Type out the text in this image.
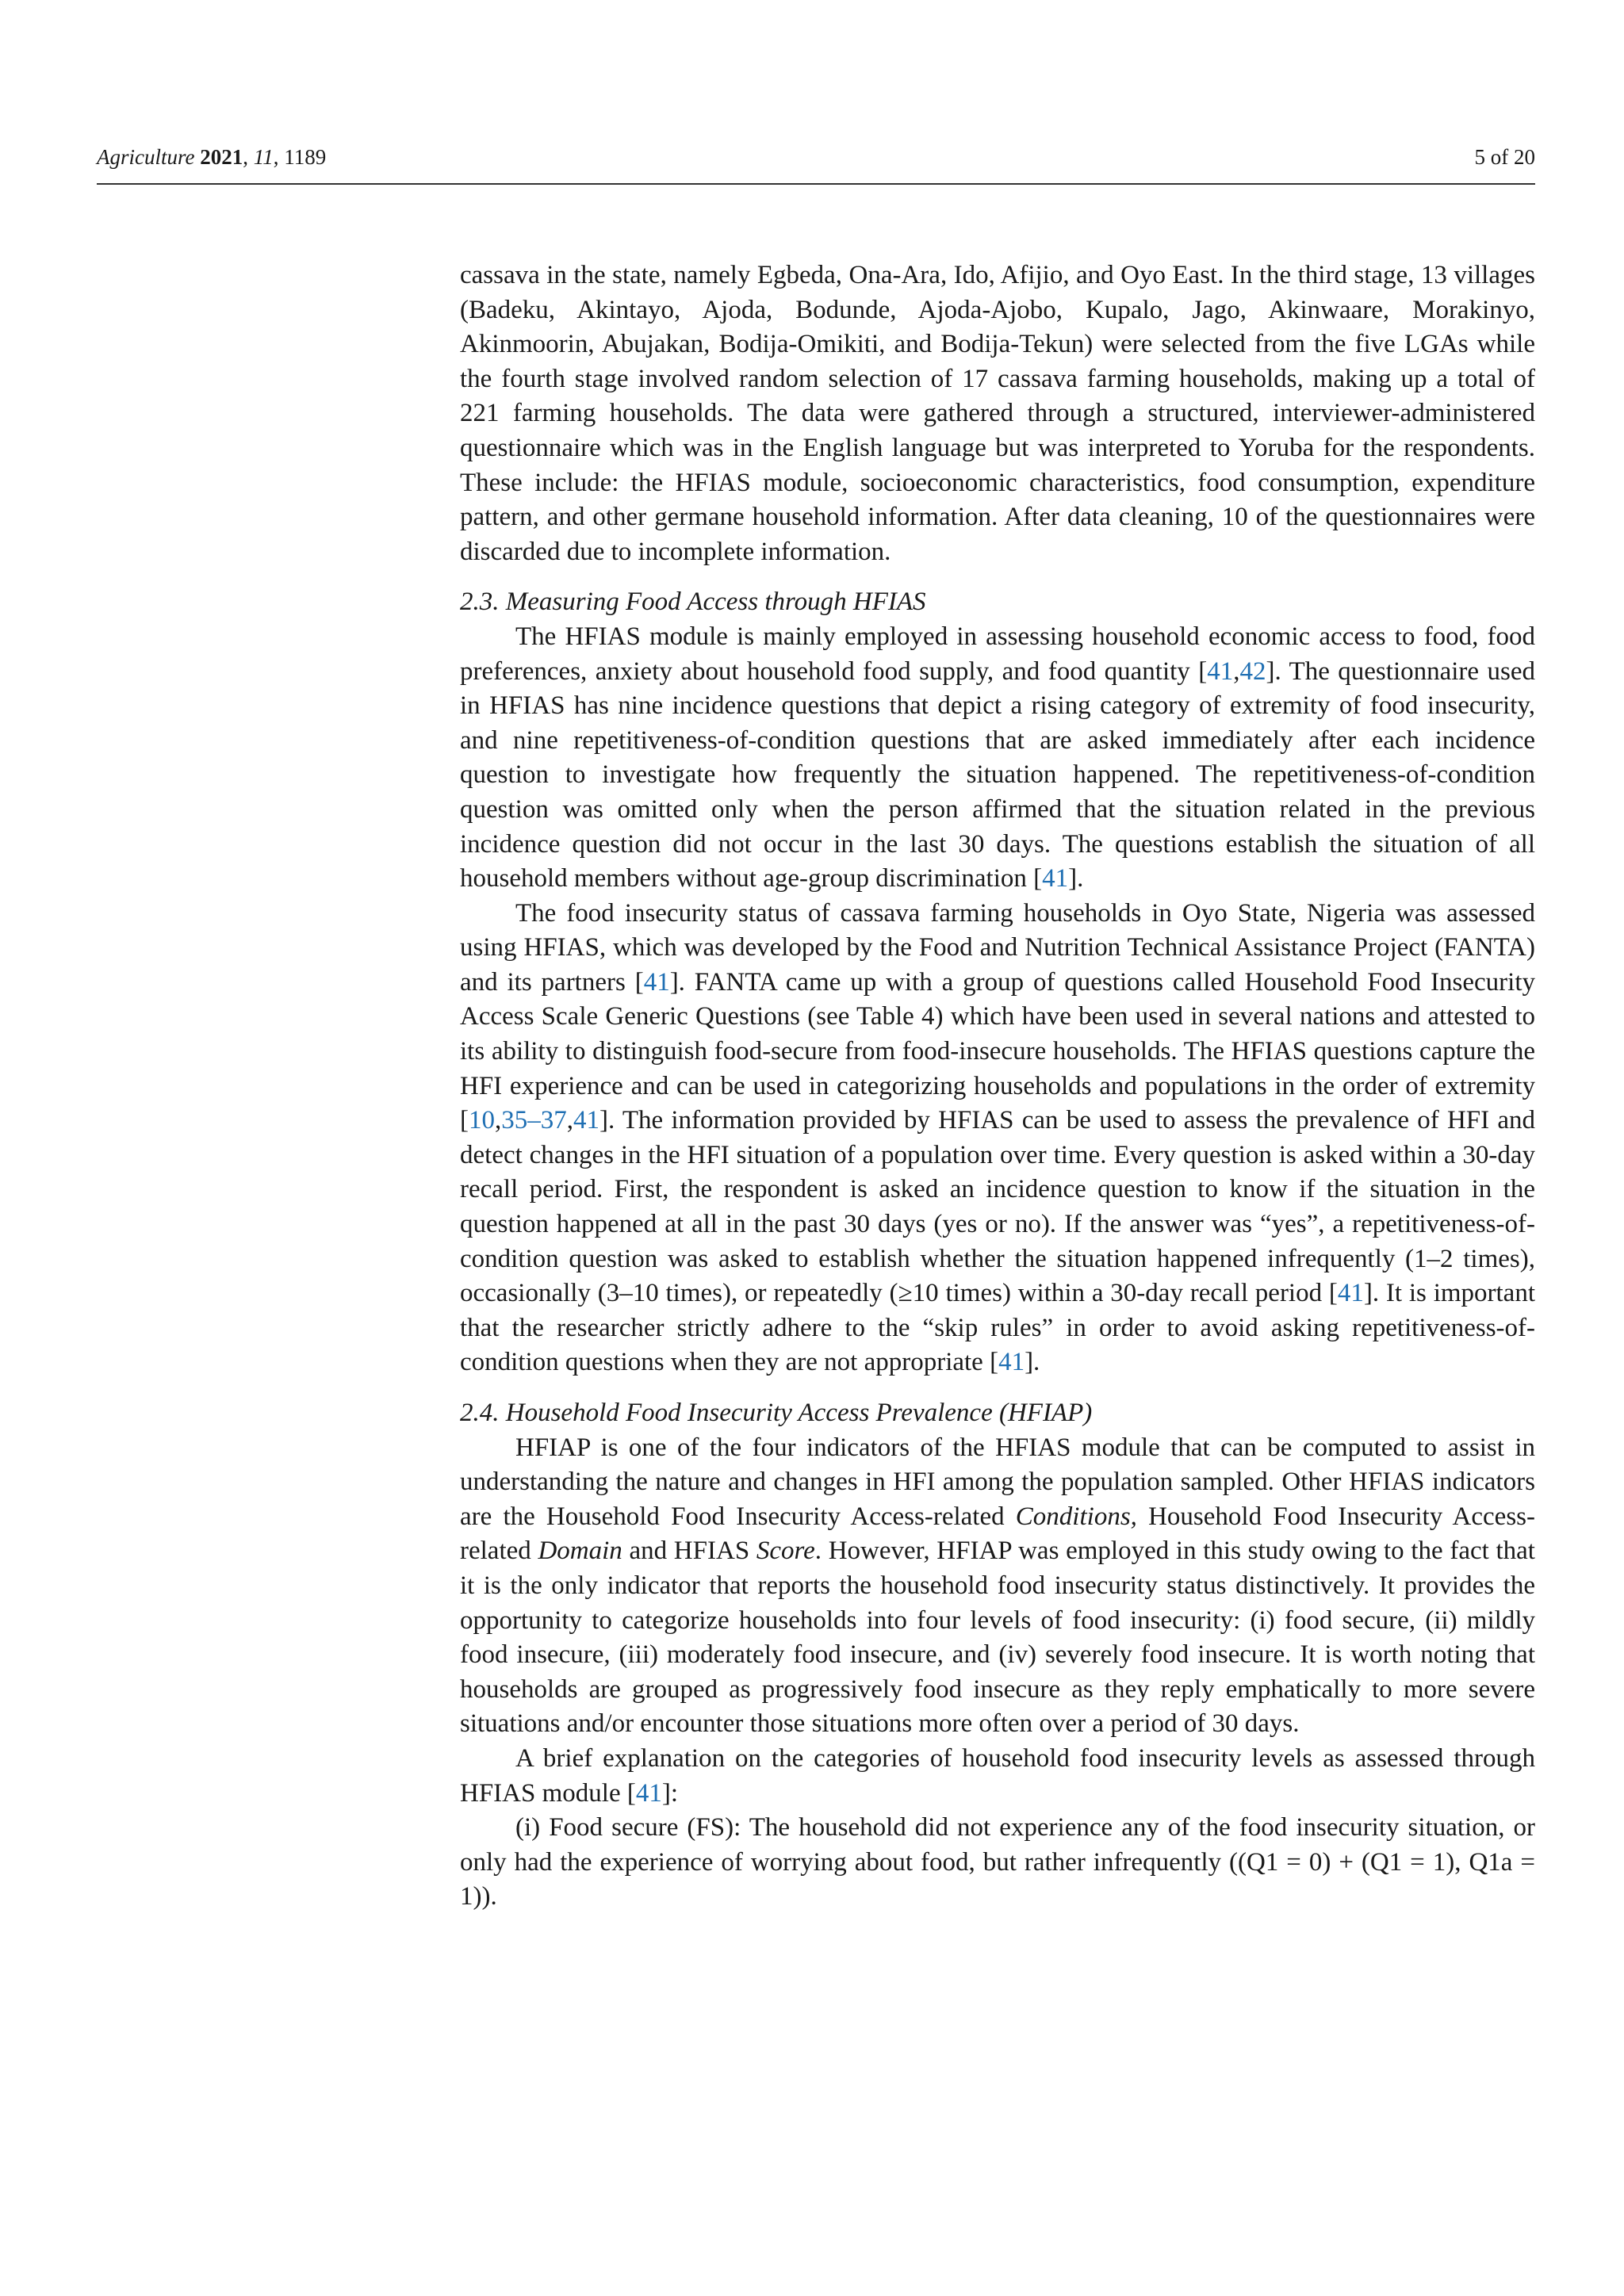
Agriculture 2021, 11, 1189	5 of 20

cassava in the state, namely Egbeda, Ona-Ara, Ido, Afijio, and Oyo East. In the third stage, 13 villages (Badeku, Akintayo, Ajoda, Bodunde, Ajoda-Ajobo, Kupalo, Jago, Akinwaare, Morakinyo, Akinmoorin, Abujakan, Bodija-Omikiti, and Bodija-Tekun) were selected from the five LGAs while the fourth stage involved random selection of 17 cassava farming households, making up a total of 221 farming households. The data were gathered through a structured, interviewer-administered questionnaire which was in the English language but was interpreted to Yoruba for the respondents. These include: the HFIAS module, socioeconomic characteristics, food consumption, expenditure pattern, and other germane household information. After data cleaning, 10 of the questionnaires were discarded due to incomplete information.

2.3. Measuring Food Access through HFIAS

The HFIAS module is mainly employed in assessing household economic access to food, food preferences, anxiety about household food supply, and food quantity [41,42]. The questionnaire used in HFIAS has nine incidence questions that depict a rising category of extremity of food insecurity, and nine repetitiveness-of-condition questions that are asked immediately after each incidence question to investigate how frequently the situation happened. The repetitiveness-of-condition question was omitted only when the person affirmed that the situation related in the previous incidence question did not occur in the last 30 days. The questions establish the situation of all household members without age-group discrimination [41].

The food insecurity status of cassava farming households in Oyo State, Nigeria was assessed using HFIAS, which was developed by the Food and Nutrition Technical Assistance Project (FANTA) and its partners [41]. FANTA came up with a group of questions called Household Food Insecurity Access Scale Generic Questions (see Table 4) which have been used in several nations and attested to its ability to distinguish food-secure from food-insecure households. The HFIAS questions capture the HFI experience and can be used in categorizing households and populations in the order of extremity [10,35–37,41]. The information provided by HFIAS can be used to assess the prevalence of HFI and detect changes in the HFI situation of a population over time. Every question is asked within a 30-day recall period. First, the respondent is asked an incidence question to know if the situation in the question happened at all in the past 30 days (yes or no). If the answer was “yes”, a repetitiveness-of-condition question was asked to establish whether the situation happened infrequently (1–2 times), occasionally (3–10 times), or repeatedly (≥10 times) within a 30-day recall period [41]. It is important that the researcher strictly adhere to the “skip rules” in order to avoid asking repetitiveness-of-condition questions when they are not appropriate [41].

2.4. Household Food Insecurity Access Prevalence (HFIAP)

HFIAP is one of the four indicators of the HFIAS module that can be computed to assist in understanding the nature and changes in HFI among the population sampled. Other HFIAS indicators are the Household Food Insecurity Access-related Conditions, Household Food Insecurity Access-related Domain and HFIAS Score. However, HFIAP was employed in this study owing to the fact that it is the only indicator that reports the household food insecurity status distinctively. It provides the opportunity to categorize households into four levels of food insecurity: (i) food secure, (ii) mildly food insecure, (iii) moderately food insecure, and (iv) severely food insecure. It is worth noting that households are grouped as progressively food insecure as they reply emphatically to more severe situations and/or encounter those situations more often over a period of 30 days.

A brief explanation on the categories of household food insecurity levels as assessed through HFIAS module [41]:

(i) Food secure (FS): The household did not experience any of the food insecurity situation, or only had the experience of worrying about food, but rather infrequently ((Q1 = 0) + (Q1 = 1), Q1a = 1)).
